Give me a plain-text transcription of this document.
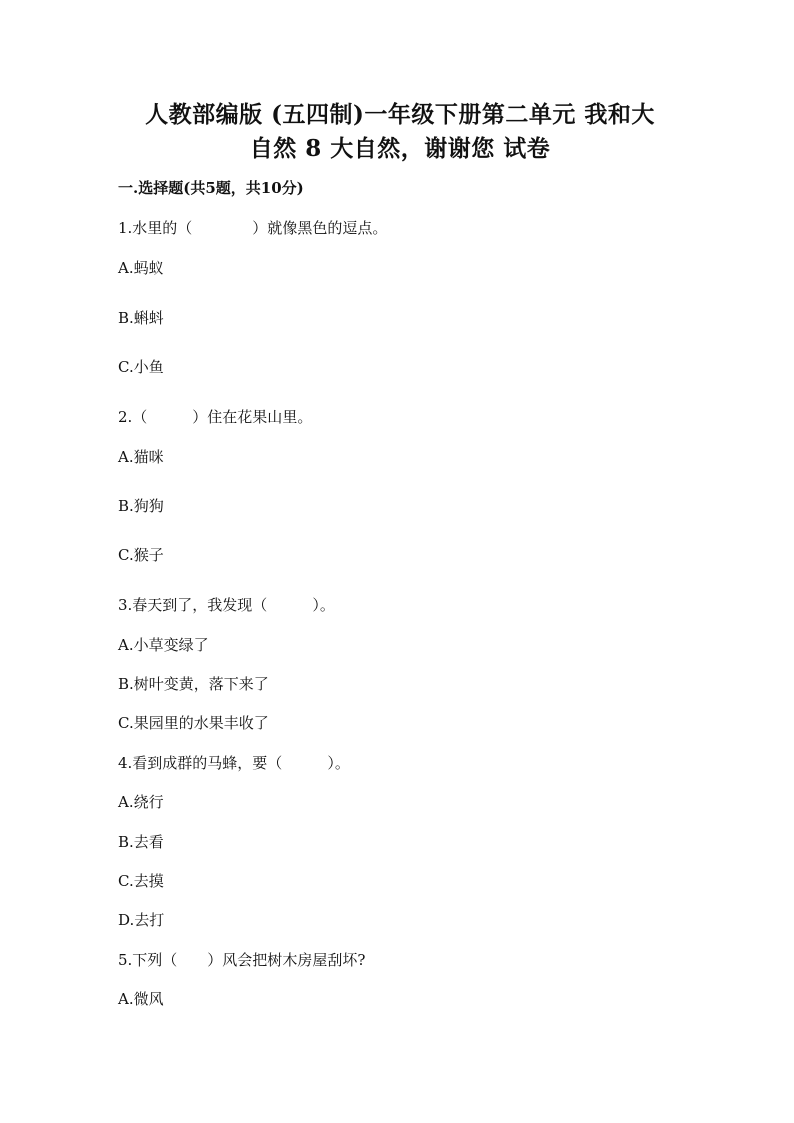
人教部编版 (五四制)一年级下册第二单元 我和大
自然 8 大自然，谢谢您 试卷
一.选择题(共5题，共10分)
1.水里的（　　　　）就像黑色的逗点。
A.蚂蚁
B.蝌蚪
C.小鱼
2.（　　　）住在花果山里。
A.猫咪
B.狗狗
C.猴子
3.春天到了，我发现（　　　）。
A.小草变绿了
B.树叶变黄，落下来了
C.果园里的水果丰收了
4.看到成群的马蜂，要（　　　）。
A.绕行
B.去看
C.去摸
D.去打
5.下列（　　）风会把树木房屋刮坏?
A.微风
